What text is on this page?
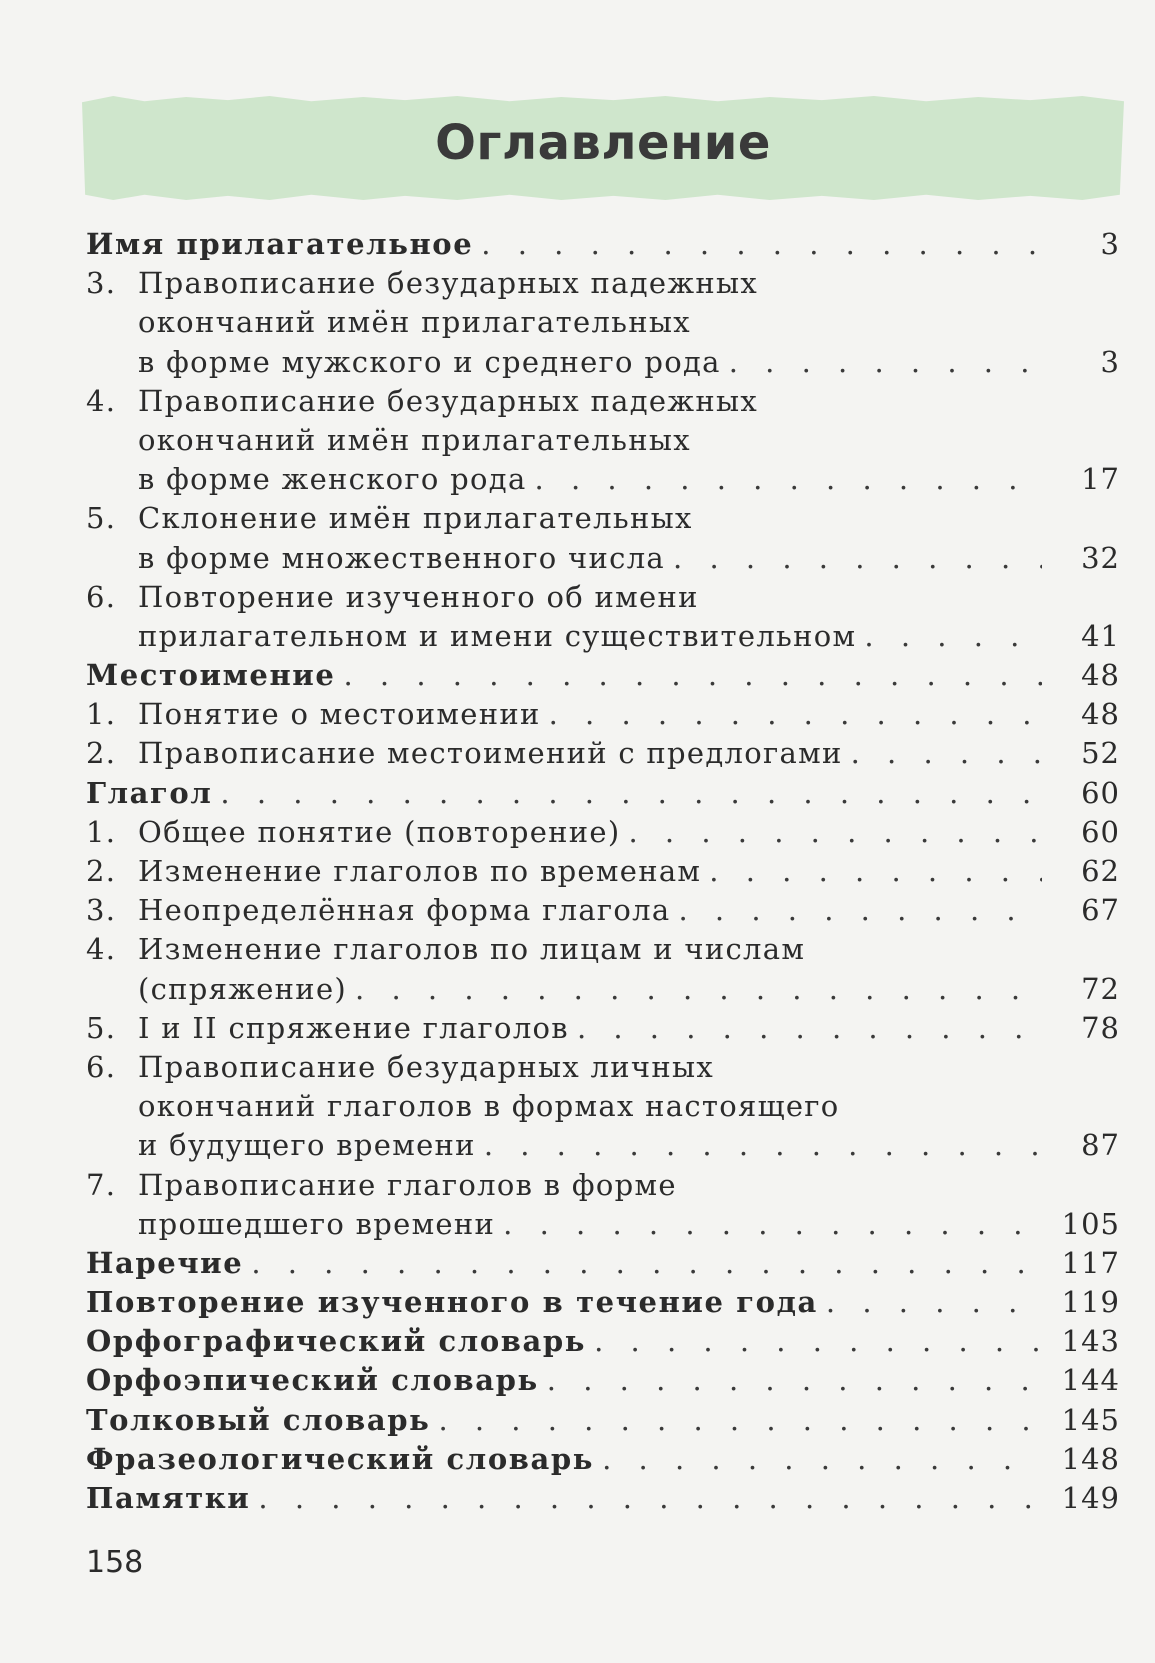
Оглавление
Имя прилагательное . . .	3
3. Правописание безударных падежных
окончаний имён прилагательных
в форме мужского и среднего рода . . .	3
4. Правописание безударных падежных
окончаний имён прилагательных
в форме женского рода . . .	17
5. Склонение имён прилагательных
в форме множественного числа . . .	32
6. Повторение изученного об имени
прилагательном и имени существительном . . .	41
Местоимение . . .	48
1. Понятие о местоимении . . .	48
2. Правописание местоимений с предлогами . . .	52
Глагол . . .	60
1. Общее понятие (повторение) . . .	60
2. Изменение глаголов по временам . . .	62
3. Неопределённая форма глагола . . .	67
4. Изменение глаголов по лицам и числам
(спряжение) . . .	72
5. I и II спряжение глаголов . . .	78
6. Правописание безударных личных
окончаний глаголов в формах настоящего
и будущего времени . . .	87
7. Правописание глаголов в форме
прошедшего времени . . .	105
Наречие . . .	117
Повторение изученного в течение года . . .	119
Орфографический словарь . . .	143
Орфоэпический словарь . . .	144
Толковый словарь . . .	145
Фразеологический словарь . . .	148
Памятки . . .	149
158
